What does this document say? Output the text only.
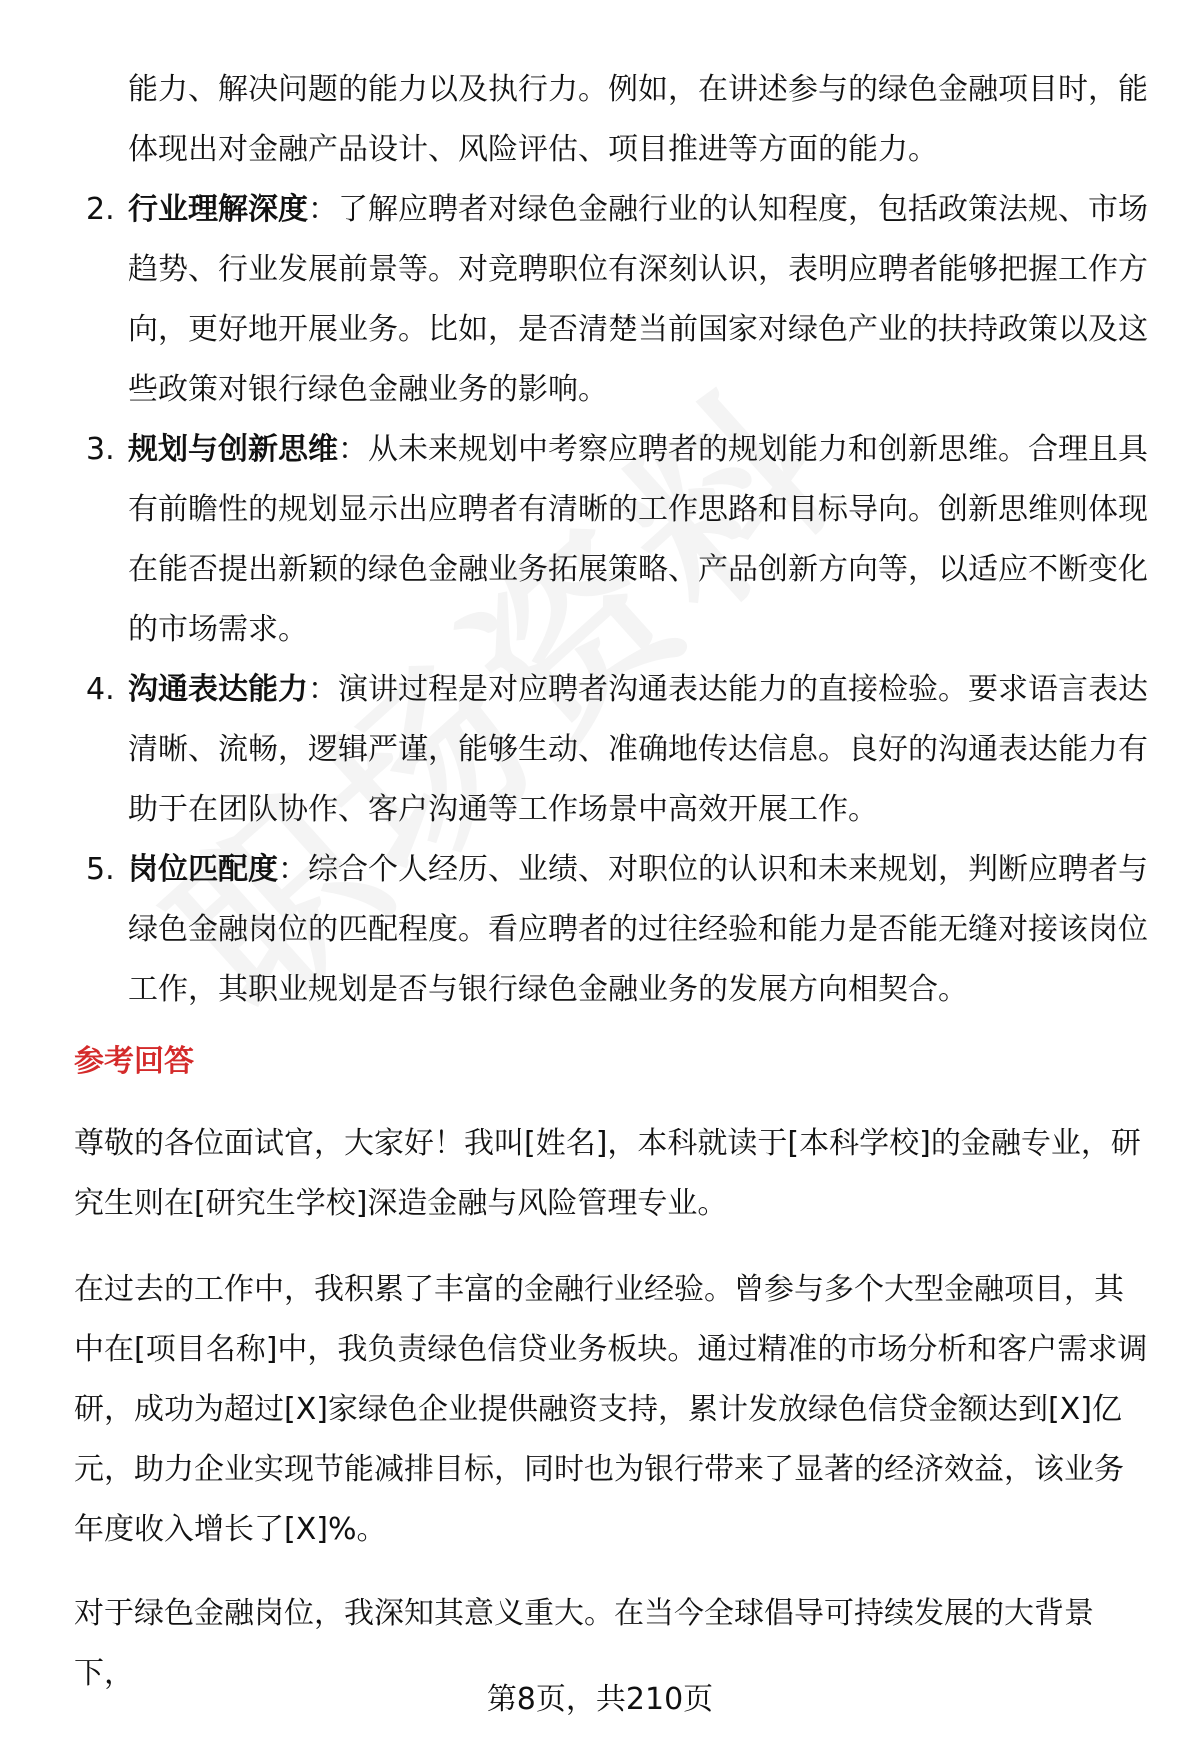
能力、解决问题的能力以及执行力。例如，在讲述参与的绿色金融项目时，能体现出对金融产品设计、风险评估、项目推进等方面的能力。
2. 行业理解深度：了解应聘者对绿色金融行业的认知程度，包括政策法规、市场趋势、行业发展前景等。对竞聘职位有深刻认识，表明应聘者能够把握工作方向，更好地开展业务。比如，是否清楚当前国家对绿色产业的扶持政策以及这些政策对银行绿色金融业务的影响。
3. 规划与创新思维：从未来规划中考察应聘者的规划能力和创新思维。合理且具有前瞻性的规划显示出应聘者有清晰的工作思路和目标导向。创新思维则体现在能否提出新颖的绿色金融业务拓展策略、产品创新方向等，以适应不断变化的市场需求。
4. 沟通表达能力：演讲过程是对应聘者沟通表达能力的直接检验。要求语言表达清晰、流畅，逻辑严谨，能够生动、准确地传达信息。良好的沟通表达能力有助于在团队协作、客户沟通等工作场景中高效开展工作。
5. 岗位匹配度：综合个人经历、业绩、对职位的认识和未来规划，判断应聘者与绿色金融岗位的匹配程度。看应聘者的过往经验和能力是否能无缝对接该岗位工作，其职业规划是否与银行绿色金融业务的发展方向相契合。
参考回答

尊敬的各位面试官，大家好！我叫[姓名]，本科就读于[本科学校]的金融专业，研究生则在[研究生学校]深造金融与风险管理专业。

在过去的工作中，我积累了丰富的金融行业经验。曾参与多个大型金融项目，其中在[项目名称]中，我负责绿色信贷业务板块。通过精准的市场分析和客户需求调研，成功为超过[X]家绿色企业提供融资支持，累计发放绿色信贷金额达到[X]亿元，助力企业实现节能减排目标，同时也为银行带来了显著的经济效益，该业务年度收入增长了[X]%。

对于绿色金融岗位，我深知其意义重大。在当今全球倡导可持续发展的大背景下，

第8页，共210页
